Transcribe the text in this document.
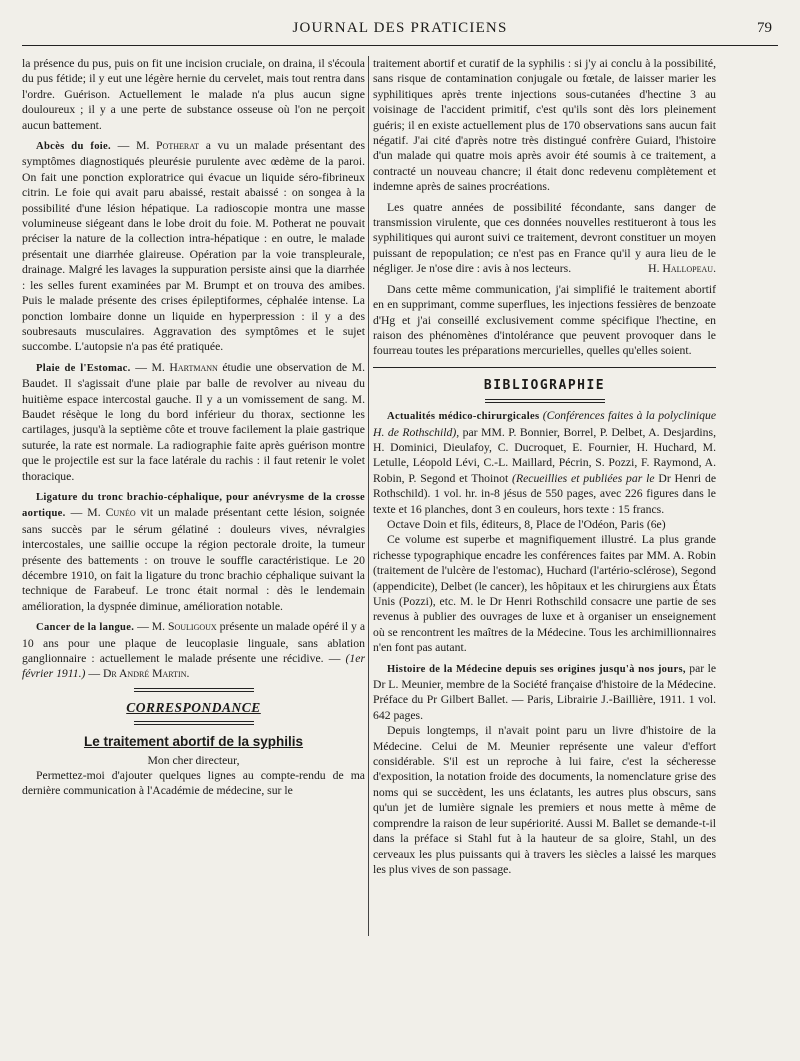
JOURNAL DES PRATICIENS	79

la présence du pus, puis on fit une incision cruciale, on draina, il s'écoula du pus fétide; il y eut une légère hernie du cervelet, mais tout rentra dans l'ordre. Guérison. Actuellement le malade n'a plus aucun signe douloureux ; il y a une perte de substance osseuse où l'on ne perçoit aucun battement.

Abcès du foie. — M. Potherat a vu un malade présentant des symptômes diagnostiqués pleurésie purulente avec œdème de la paroi. On fait une ponction exploratrice qui évacue un liquide séro-fibrineux citrin. Le foie qui avait paru abaissé, restait abaissé : on songea à la possibilité d'une lésion hépatique. La radioscopie montra une masse volumineuse siégeant dans le lobe droit du foie. M. Potherat ne pouvait préciser la nature de la collection intra-hépatique : en outre, le malade présentait une diarrhée glaireuse. Opération par la voie transpleurale, drainage. Malgré les lavages la suppuration persiste ainsi que la diarrhée : les selles furent examinées par M. Brumpt et on trouva des amibes. Puis le malade présente des crises épileptiformes, céphalée intense. La ponction lombaire donne un liquide en hyperpression : il y a des soubresauts musculaires. Aggravation des symptômes et le sujet succombe. L'autopsie n'a pas été pratiquée.

Plaie de l'Estomac. — M. Hartmann étudie une observation de M. Baudet. Il s'agissait d'une plaie par balle de revolver au niveau du huitième espace intercostal gauche. Il y a un vomissement de sang. M. Baudet résèque le long du bord inférieur du thorax, sectionne les cartilages, jusqu'à la septième côte et trouve facilement la plaie gastrique suturée, la rate est normale. La radiographie faite après guérison montre que le projectile est sur la face latérale du rachis : il faut retenir le volet thoracique.

Ligature du tronc brachio-céphalique, pour anévrysme de la crosse aortique. — M. Cunéo vit un malade présentant cette lésion, soignée sans succès par le sérum gélatiné : douleurs vives, névralgies intercostales, une saillie occupe la région pectorale droite, la tumeur présente des battements : on trouve le souffle caractéristique. Le 20 décembre 1910, on fait la ligature du tronc brachio céphalique suivant la technique de Farabeuf. Le tronc était normal : dès le lendemain amélioration, la dyspnée diminue, amélioration notable.

Cancer de la langue. — M. Souligoux présente un malade opéré il y a 10 ans pour une plaque de leucoplasie linguale, sans ablation ganglionnaire : actuellement le malade présente une récidive. — (1er février 1911.) — Dr André Martin.

CORRESPONDANCE
Le traitement abortif de la syphilis

Mon cher directeur,

Permettez-moi d'ajouter quelques lignes au compte-rendu de ma dernière communication à l'Académie de médecine, sur le

traitement abortif et curatif de la syphilis : si j'y ai conclu à la possibilité, sans risque de contamination conjugale ou fœtale, de laisser marier les syphilitiques après trente injections sous-cutanées d'hectine 3 au voisinage de l'accident primitif, c'est qu'ils sont dès lors pleinement guéris; il en existe actuellement plus de 170 observations sans aucun fait négatif. J'ai cité d'après notre très distingué confrère Guiard, l'histoire d'un malade qui quatre mois après avoir été soumis à ce traitement, a contracté un nouveau chancre; il était donc redevenu complètement et indemne après de saines procréations.

Les quatre années de possibilité fécondante, sans danger de transmission virulente, que ces données nouvelles restitueront à tous les syphilitiques qui auront suivi ce traitement, devront constituer un moyen puissant de repopulation; ce n'est pas en France qu'il y aura lieu de le négliger. Je n'ose dire : avis à nos lecteurs.	H. Hallopeau.

Dans cette même communication, j'ai simplifié le traitement abortif en en supprimant, comme superflues, les injections fessières de benzoate d'Hg et j'ai conseillé exclusivement comme spécifique l'hectine, en raison des phénomènes d'intolérance que peuvent provoquer dans le fourreau toutes les préparations mercurielles, quelles qu'elles soient.

BIBLIOGRAPHIE

Actualités médico-chirurgicales (Conférences faites à la polyclinique H. de Rothschild), par MM. P. Bonnier, Borrel, P. Delbet, A. Desjardins, H. Dominici, Dieulafoy, C. Ducroquet, E. Fournier, H. Huchard, M. Letulle, Léopold Lévi, C.-L. Maillard, Pécrin, S. Pozzi, F. Raymond, A. Robin, P. Segond et Thoinot (Recueillies et publiées par le Dr Henri de Rothschild). 1 vol. hr. in-8 jésus de 550 pages, avec 226 figures dans le texte et 16 planches, dont 3 en couleurs, hors texte : 15 francs.

Octave Doin et fils, éditeurs, 8, Place de l'Odéon, Paris (6e)

Ce volume est superbe et magnifiquement illustré. La plus grande richesse typographique encadre les conférences faites par MM. A. Robin (traitement de l'ulcère de l'estomac), Huchard (l'artério-sclérose), Segond (appendicite), Delbet (le cancer), les hôpitaux et les chirurgiens aux États Unis (Pozzi), etc. M. le Dr Henri Rothschild consacre une partie de ses revenus à publier des ouvrages de luxe et à organiser un enseignement où se rencontrent les maîtres de la Médecine. Tous les archimillionnaires n'en font pas autant.

Histoire de la Médecine depuis ses origines jusqu'à nos jours, par le Dr L. Meunier, membre de la Société française d'histoire de la Médecine. Préface du Pr Gilbert Ballet. — Paris, Librairie J.-Baillière, 1911. 1 vol. 642 pages.

Depuis longtemps, il n'avait point paru un livre d'histoire de la Médecine. Celui de M. Meunier représente une valeur d'effort considérable. S'il est un reproche à lui faire, c'est la sécheresse d'exposition, la notation froide des documents, la nomenclature grise des noms qui se succèdent, les uns éclatants, les autres plus obscurs, sans qu'un jet de lumière signale les premiers et nous mette à même de comprendre la raison de leur supériorité. Aussi M. Ballet se demande-t-il dans la préface si Stahl fut à la hauteur de sa gloire, Stahl, un des cerveaux les plus puissants qui à travers les siècles a laissé les marques les plus vives de son passage.
